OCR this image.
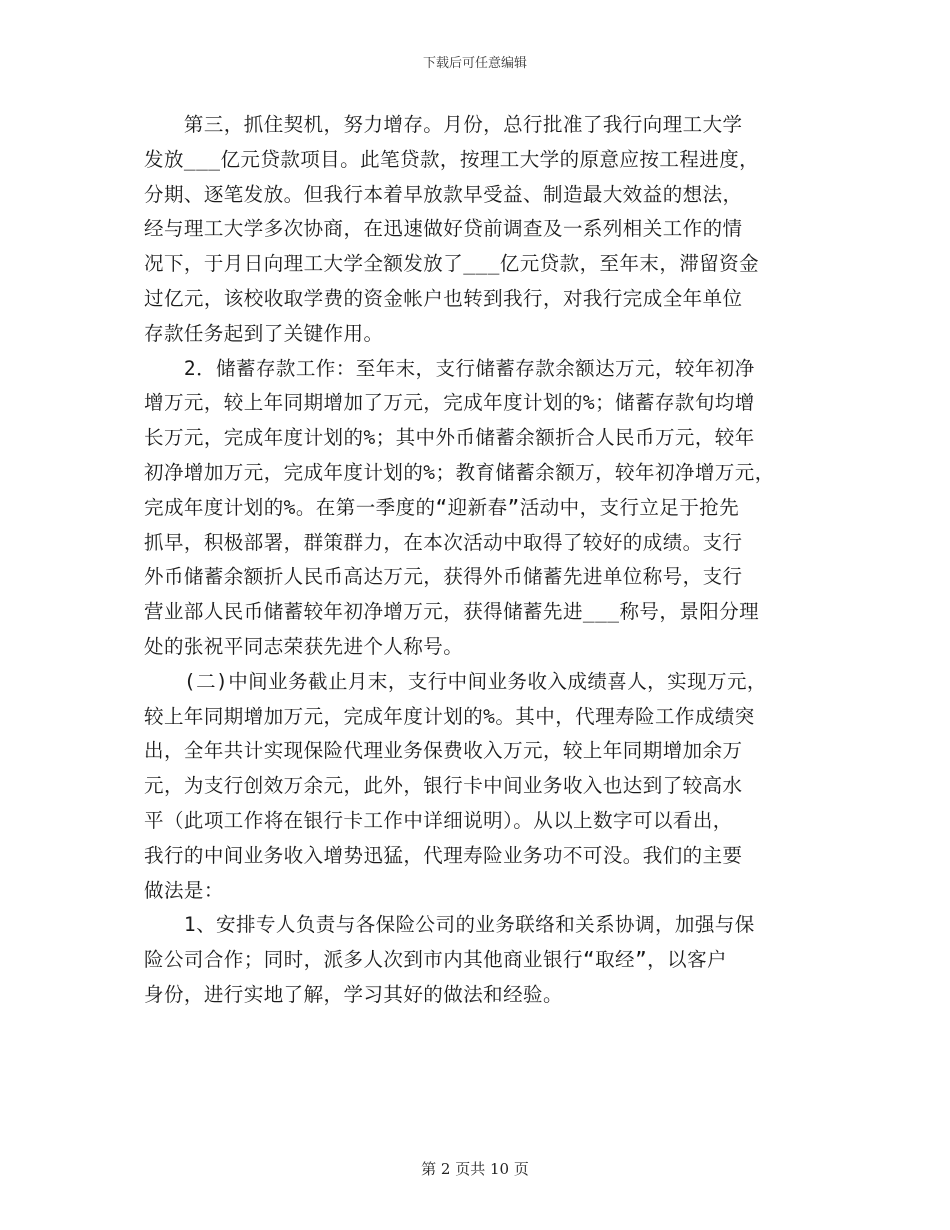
下载后可任意编辑
　　第三，抓住契机，努力增存。月份，总行批准了我行向理工大学
发放___亿元贷款项目。此笔贷款，按理工大学的原意应按工程进度，
分期、逐笔发放。但我行本着早放款早受益、制造最大效益的想法，
经与理工大学多次协商，在迅速做好贷前调查及一系列相关工作的情
况下，于月日向理工大学全额发放了___亿元贷款，至年末，滞留资金
过亿元，该校收取学费的资金帐户也转到我行，对我行完成全年单位
存款任务起到了关键作用。
　　2．储蓄存款工作：至年末，支行储蓄存款余额达万元，较年初净
增万元，较上年同期增加了万元，完成年度计划的%；储蓄存款旬均增
长万元，完成年度计划的%；其中外币储蓄余额折合人民币万元，较年
初净增加万元，完成年度计划的%；教育储蓄余额万，较年初净增万元，
完成年度计划的%。在第一季度的“迎新春”活动中，支行立足于抢先
抓早，积极部署，群策群力，在本次活动中取得了较好的成绩。支行
外币储蓄余额折人民币高达万元，获得外币储蓄先进单位称号，支行
营业部人民币储蓄较年初净增万元，获得储蓄先进___称号，景阳分理
处的张祝平同志荣获先进个人称号。
　　(二)中间业务截止月末，支行中间业务收入成绩喜人，实现万元，
较上年同期增加万元，完成年度计划的%。其中，代理寿险工作成绩突
出，全年共计实现保险代理业务保费收入万元，较上年同期增加余万
元，为支行创效万余元，此外，银行卡中间业务收入也达到了较高水
平（此项工作将在银行卡工作中详细说明）。从以上数字可以看出，
我行的中间业务收入增势迅猛，代理寿险业务功不可没。我们的主要
做法是：
　　1、安排专人负责与各保险公司的业务联络和关系协调，加强与保
险公司合作；同时，派多人次到市内其他商业银行“取经”，以客户
身份，进行实地了解，学习其好的做法和经验。
第 2 页共 10 页
